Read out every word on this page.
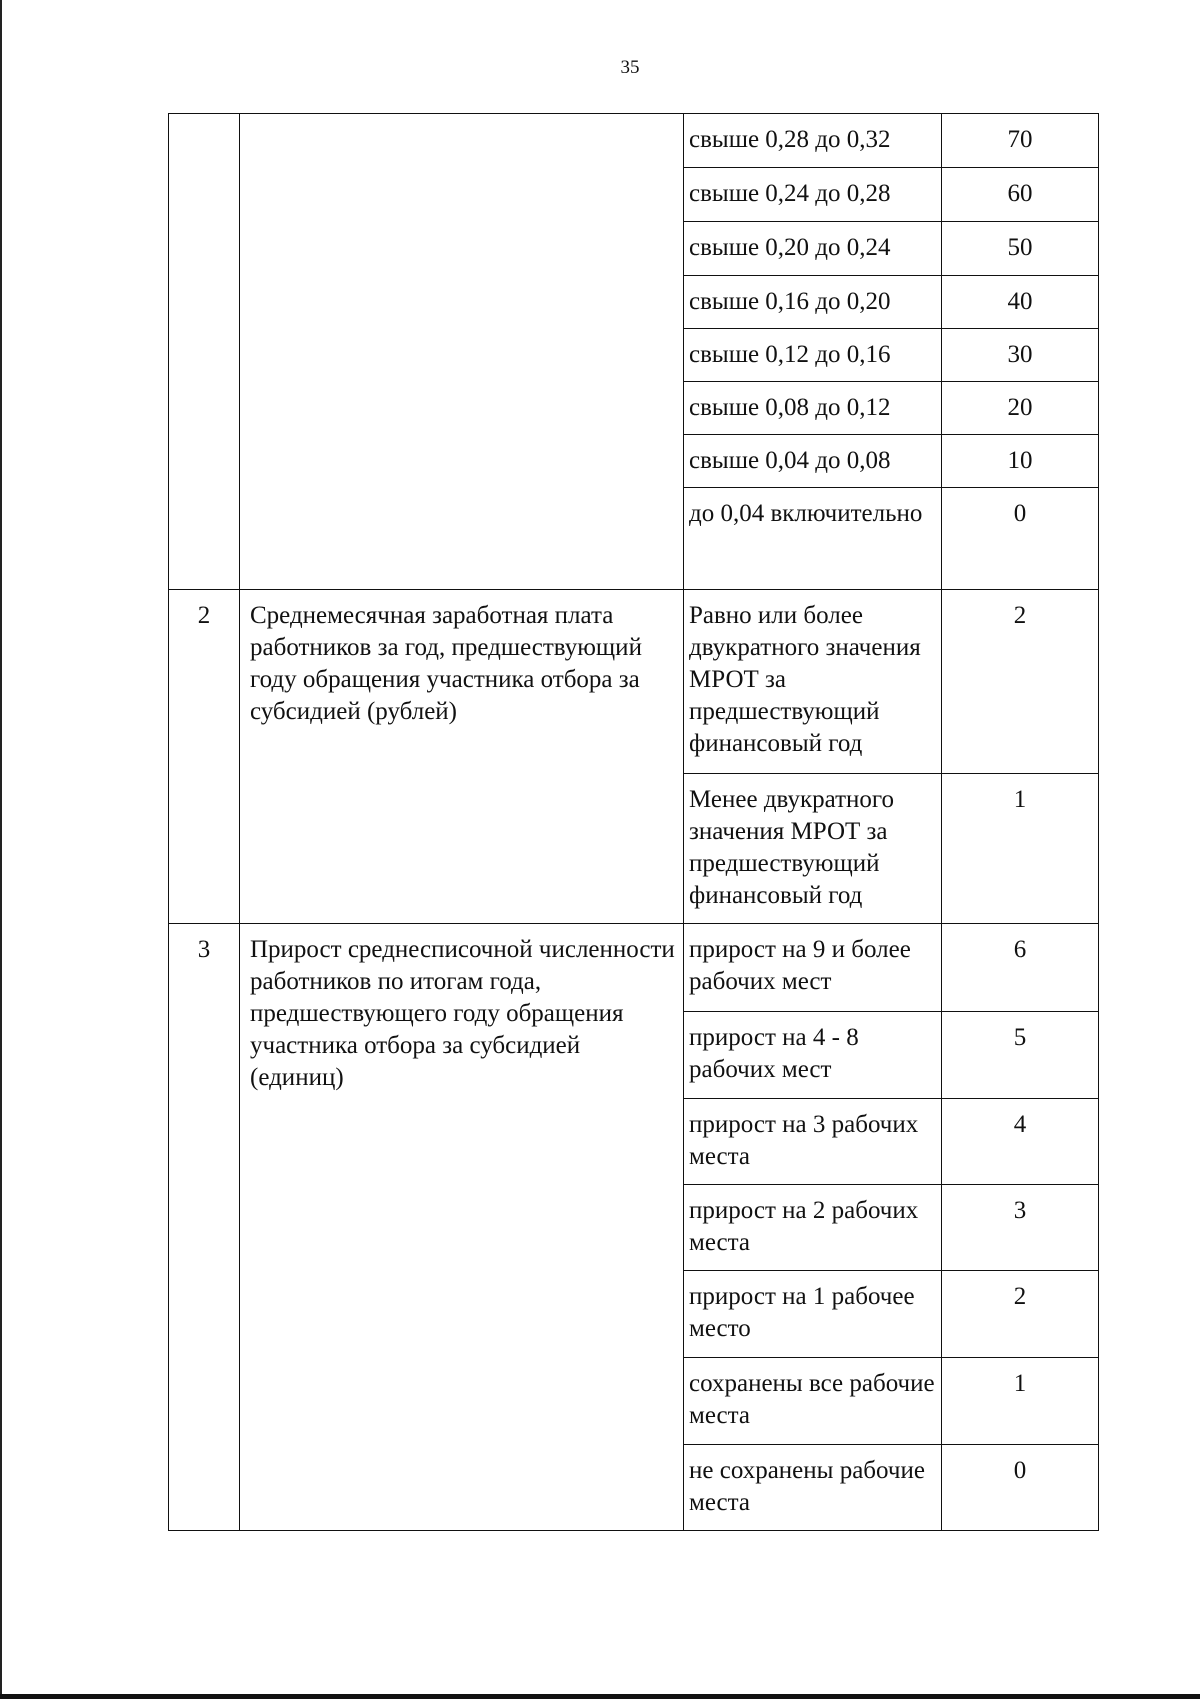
35
		свыше 0,28 до 0,32	70
		свыше 0,24 до 0,28	60
		свыше 0,20 до 0,24	50
		свыше 0,16 до 0,20	40
		свыше 0,12 до 0,16	30
		свыше 0,08 до 0,12	20
		свыше 0,04 до 0,08	10
		до 0,04 включительно	0
2	Среднемесячная заработная плата работников за год, предшествующий году обращения участника отбора за субсидией (рублей)	Равно или более двукратного значения МРОТ за предшествующий финансовый год	2
		Менее двукратного значения МРОТ за предшествующий финансовый год	1
3	Прирост среднесписочной численности работников по итогам года, предшествующего году обращения участника отбора за субсидией (единиц)	прирост на 9 и более рабочих мест	6
		прирост на 4 - 8 рабочих мест	5
		прирост на 3 рабочих места	4
		прирост на 2 рабочих места	3
		прирост на 1 рабочее место	2
		сохранены все рабочие места	1
		не сохранены рабочие места	0
